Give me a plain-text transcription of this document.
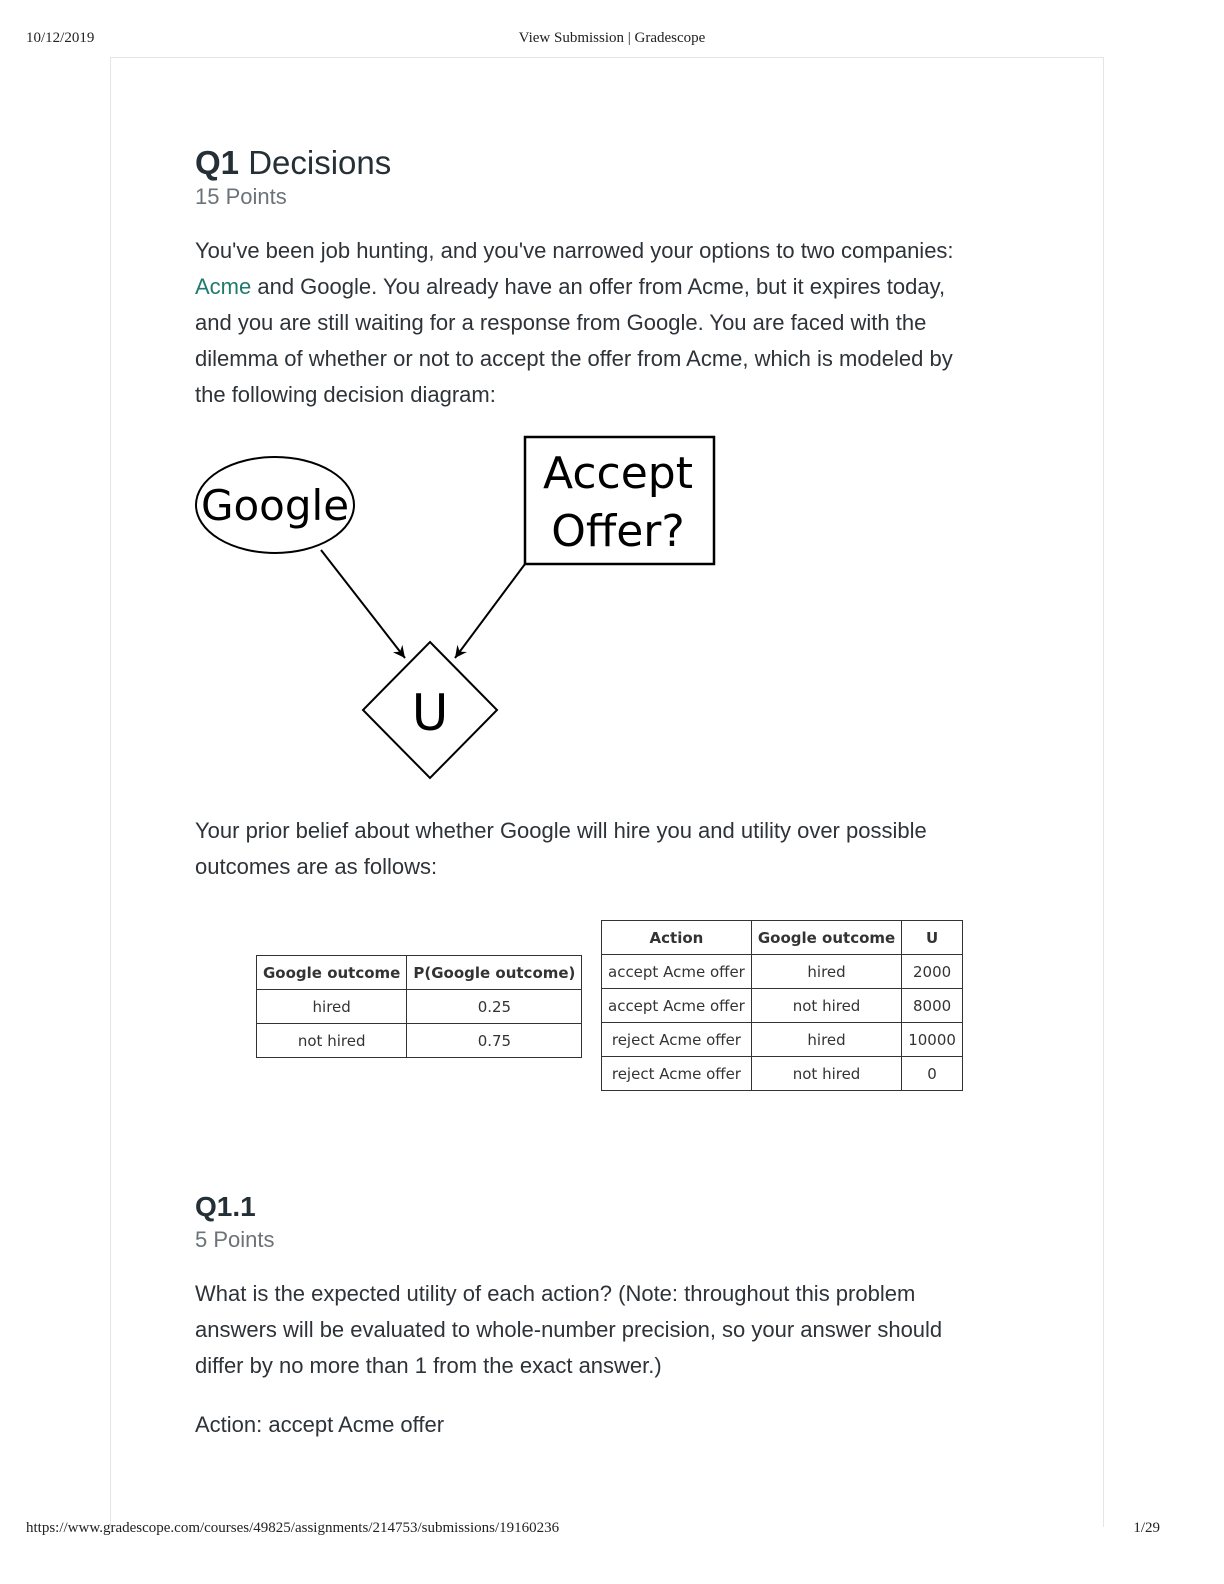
10/12/2019	View Submission | Gradescope
Q1 Decisions
15 Points
You've been job hunting, and you've narrowed your options to two companies:
Acme and Google. You already have an offer from Acme, but it expires today,
and you are still waiting for a response from Google. You are faced with the
dilemma of whether or not to accept the offer from Acme, which is modeled by
the following decision diagram:
Google
Accept
Offer?
U
Your prior belief about whether Google will hire you and utility over possible
outcomes are as follows:
Google outcome	P(Google outcome)
hired	0.25
not hired	0.75
Action	Google outcome	U
accept Acme offer	hired	2000
accept Acme offer	not hired	8000
reject Acme offer	hired	10000
reject Acme offer	not hired	0
Q1.1
5 Points
What is the expected utility of each action? (Note: throughout this problem
answers will be evaluated to whole-number precision, so your answer should
differ by no more than 1 from the exact answer.)
Action: accept Acme offer
https://www.gradescope.com/courses/49825/assignments/214753/submissions/19160236	1/29
